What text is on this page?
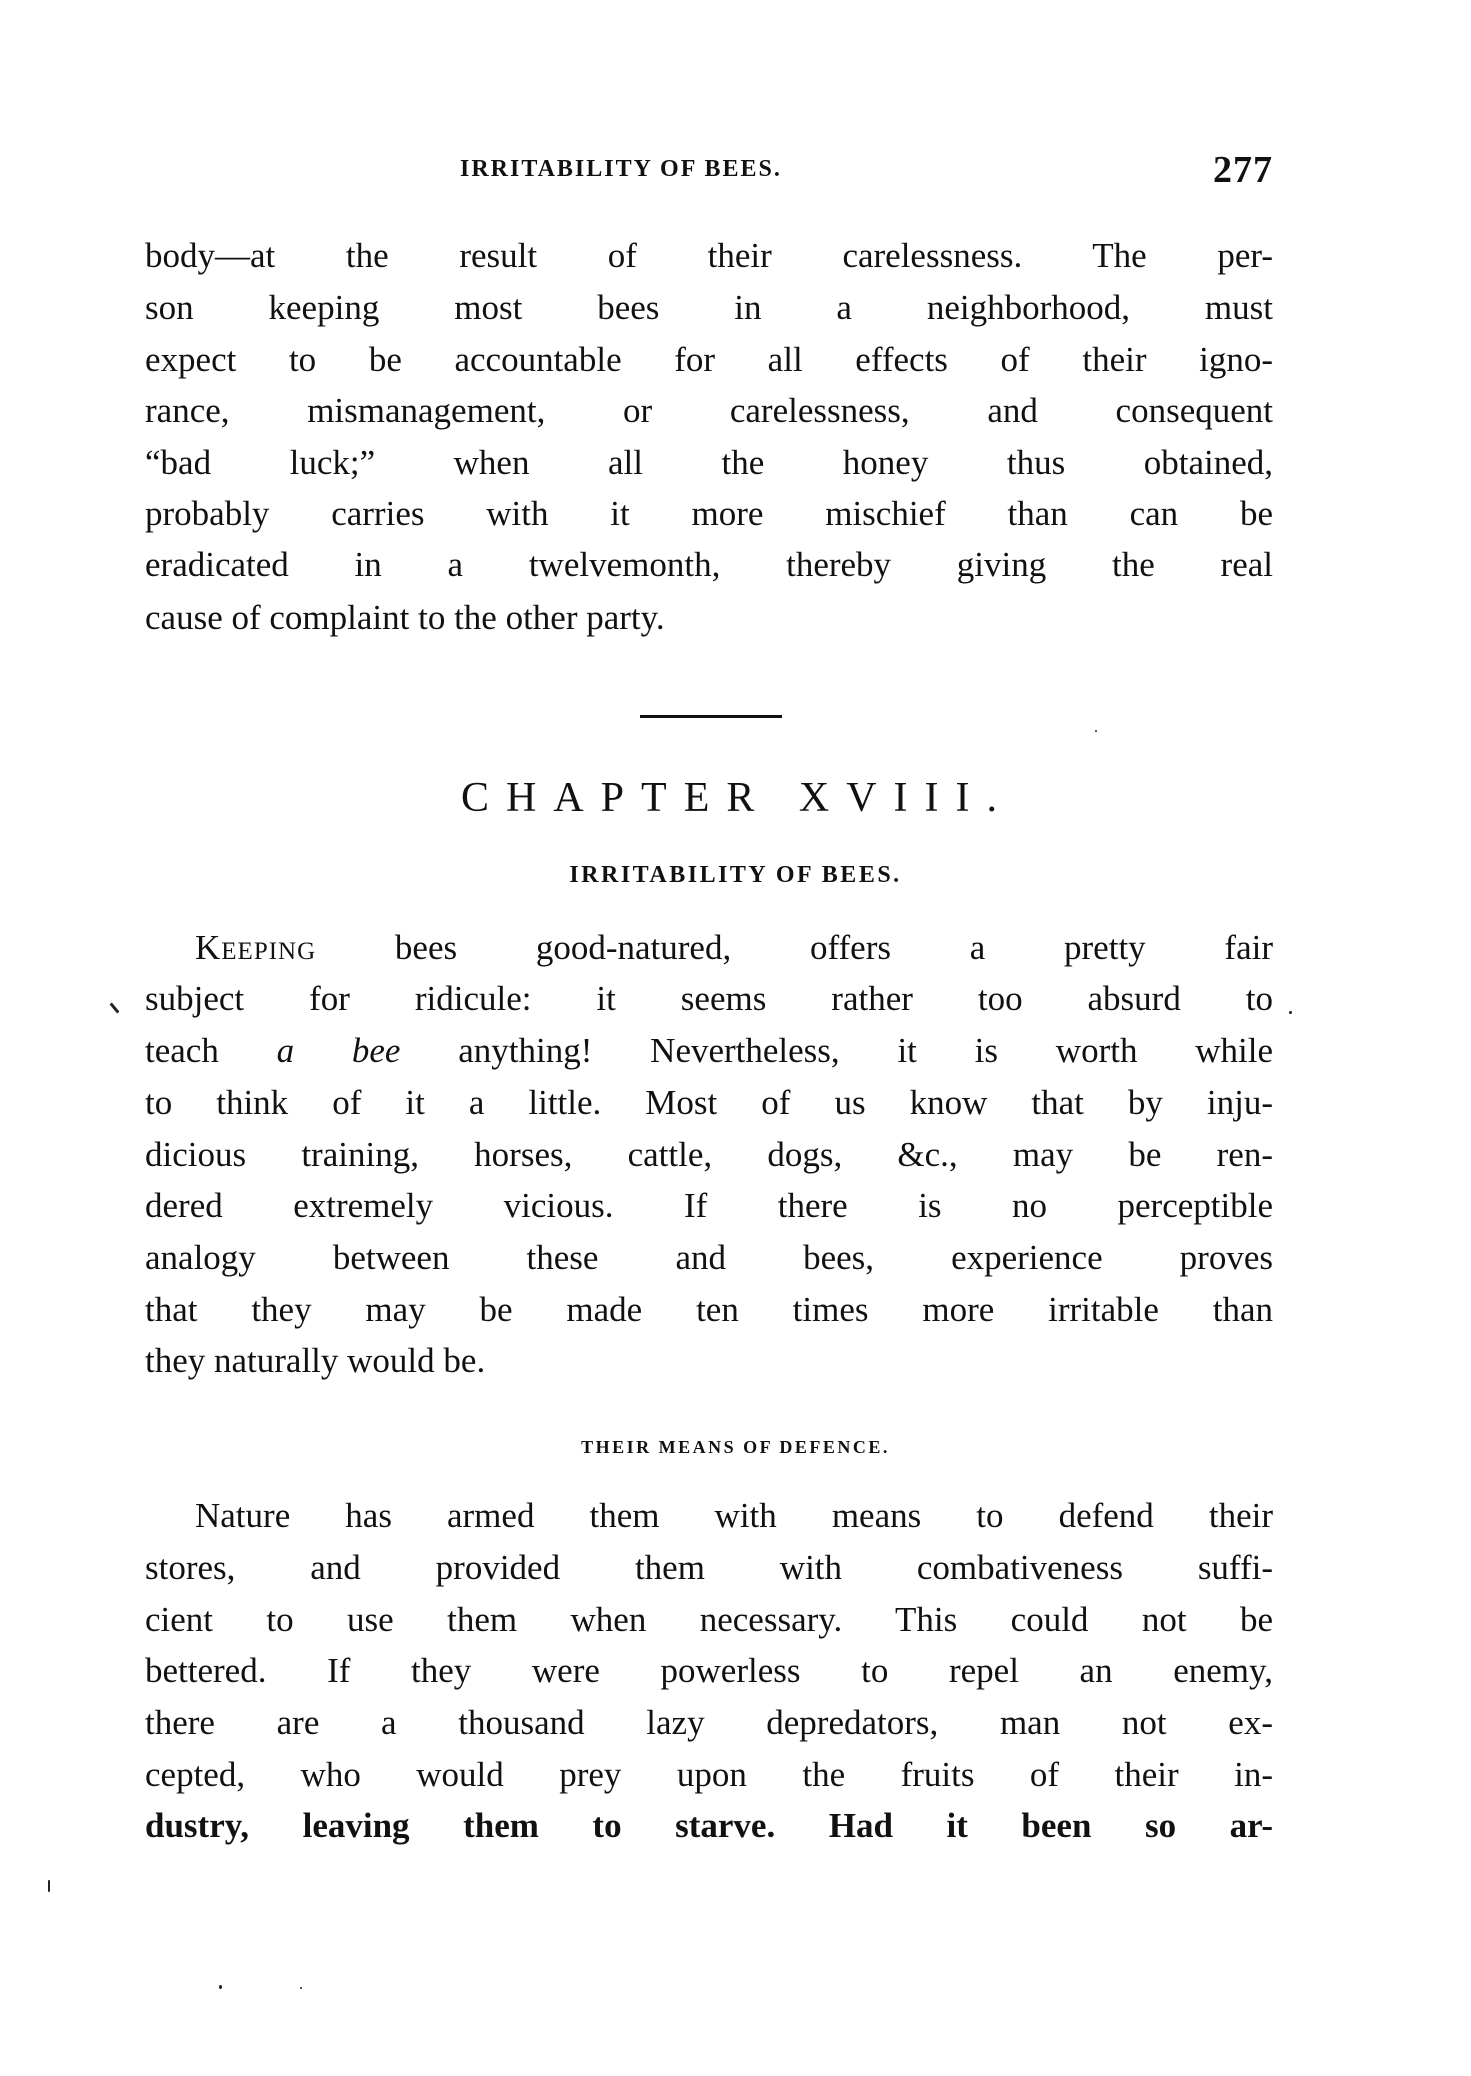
IRRITABILITY OF BEES.	277
body—at the result of their carelessness. The per-
son keeping most bees in a neighborhood, must
expect to be accountable for all effects of their igno-
rance, mismanagement, or carelessness, and consequent
“bad luck;” when all the honey thus obtained,
probably carries with it more mischief than can be
eradicated in a twelvemonth, thereby giving the real
cause of complaint to the other party.
CHAPTER XVIII.
IRRITABILITY OF BEES.
Keeping bees good-natured, offers a pretty fair
subject for ridicule: it seems rather too absurd to
teach a bee anything! Nevertheless, it is worth while
to think of it a little. Most of us know that by inju-
dicious training, horses, cattle, dogs, &c., may be ren-
dered extremely vicious. If there is no perceptible
analogy between these and bees, experience proves
that they may be made ten times more irritable than
they naturally would be.
THEIR MEANS OF DEFENCE.
Nature has armed them with means to defend their
stores, and provided them with combativeness suffi-
cient to use them when necessary. This could not be
bettered. If they were powerless to repel an enemy,
there are a thousand lazy depredators, man not ex-
cepted, who would prey upon the fruits of their in-
dustry, leaving them to starve. Had it been so ar-
